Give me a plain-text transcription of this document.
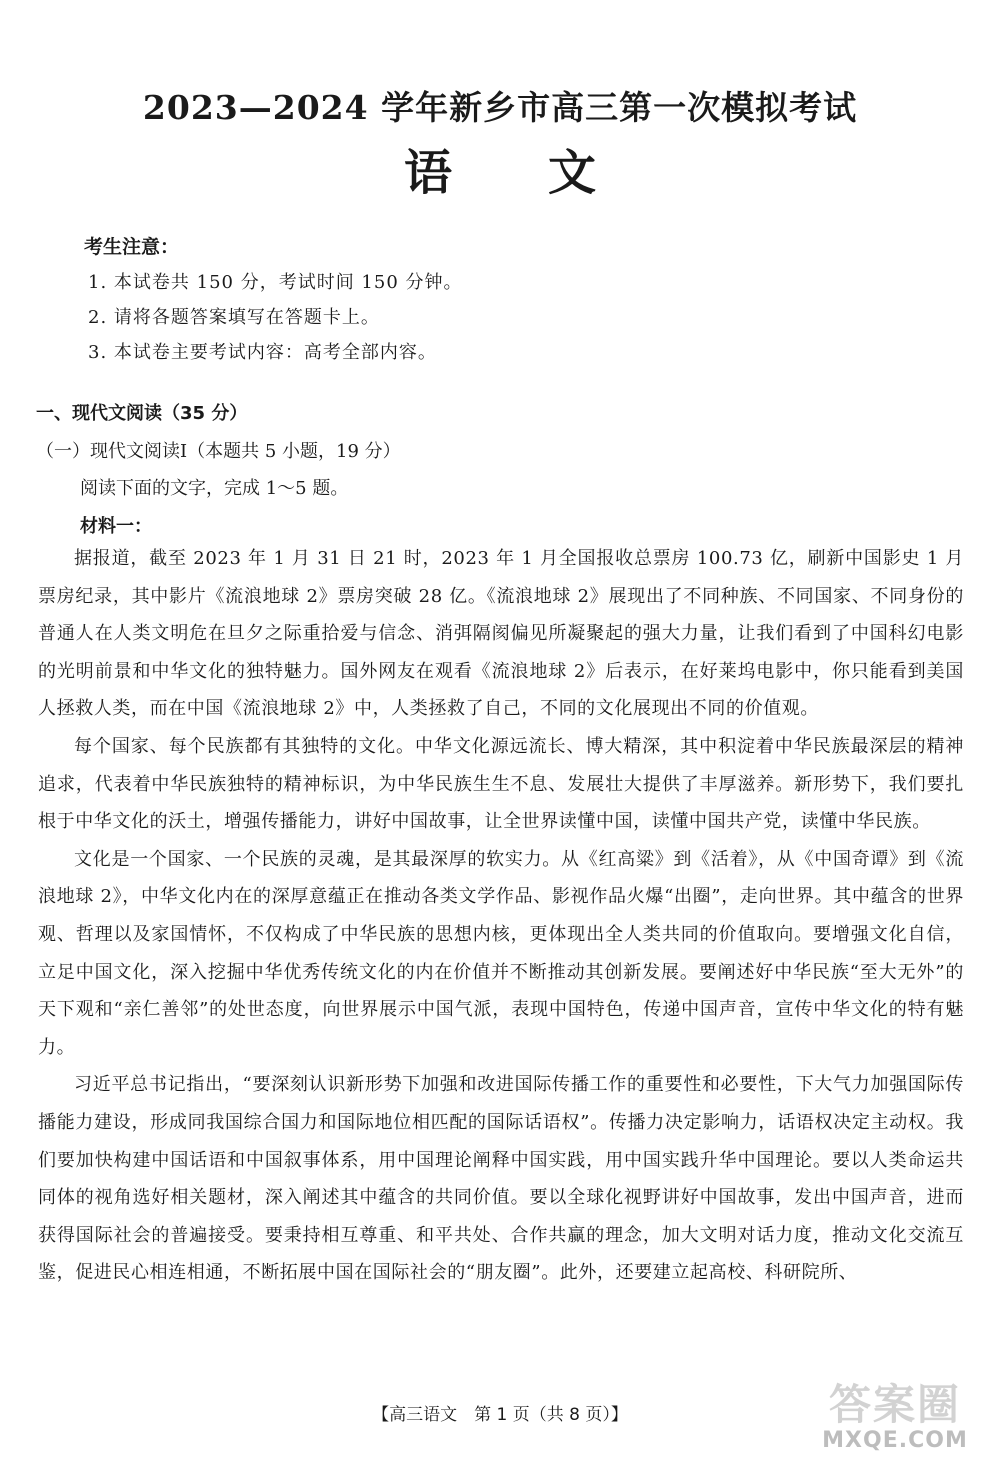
2023—2024 学年新乡市高三第一次模拟考试
语　　文
考生注意：
1. 本试卷共 150 分，考试时间 150 分钟。
2. 请将各题答案填写在答题卡上。
3. 本试卷主要考试内容：高考全部内容。
一、现代文阅读（35 分）
（一）现代文阅读Ⅰ（本题共 5 小题，19 分）
阅读下面的文字，完成 1～5 题。
材料一：

据报道，截至 2023 年 1 月 31 日 21 时，2023 年 1 月全国报收总票房 100.73 亿，刷新中国影史 1 月票房纪录，其中影片《流浪地球 2》票房突破 28 亿。《流浪地球 2》展现出了不同种族、不同国家、不同身份的普通人在人类文明危在旦夕之际重拾爱与信念、消弭隔阂偏见所凝聚起的强大力量，让我们看到了中国科幻电影的光明前景和中华文化的独特魅力。国外网友在观看《流浪地球 2》后表示，在好莱坞电影中，你只能看到美国人拯救人类，而在中国《流浪地球 2》中，人类拯救了自己，不同的文化展现出不同的价值观。

每个国家、每个民族都有其独特的文化。中华文化源远流长、博大精深，其中积淀着中华民族最深层的精神追求，代表着中华民族独特的精神标识，为中华民族生生不息、发展壮大提供了丰厚滋养。新形势下，我们要扎根于中华文化的沃土，增强传播能力，讲好中国故事，让全世界读懂中国，读懂中国共产党，读懂中华民族。

文化是一个国家、一个民族的灵魂，是其最深厚的软实力。从《红高粱》到《活着》，从《中国奇谭》到《流浪地球 2》，中华文化内在的深厚意蕴正在推动各类文学作品、影视作品火爆“出圈”，走向世界。其中蕴含的世界观、哲理以及家国情怀，不仅构成了中华民族的思想内核，更体现出全人类共同的价值取向。要增强文化自信，立足中国文化，深入挖掘中华优秀传统文化的内在价值并不断推动其创新发展。要阐述好中华民族“至大无外”的天下观和“亲仁善邻”的处世态度，向世界展示中国气派，表现中国特色，传递中国声音，宣传中华文化的特有魅力。

习近平总书记指出，“要深刻认识新形势下加强和改进国际传播工作的重要性和必要性，下大气力加强国际传播能力建设，形成同我国综合国力和国际地位相匹配的国际话语权”。传播力决定影响力，话语权决定主动权。我们要加快构建中国话语和中国叙事体系，用中国理论阐释中国实践，用中国实践升华中国理论。要以人类命运共同体的视角选好相关题材，深入阐述其中蕴含的共同价值。要以全球化视野讲好中国故事，发出中国声音，进而获得国际社会的普遍接受。要秉持相互尊重、和平共处、合作共赢的理念，加大文明对话力度，推动文化交流互鉴，促进民心相连相通，不断拓展中国在国际社会的“朋友圈”。此外，还要建立起高校、科研院所、

【高三语文　第 1 页（共 8 页）】	答案圈
MXQE.COM
